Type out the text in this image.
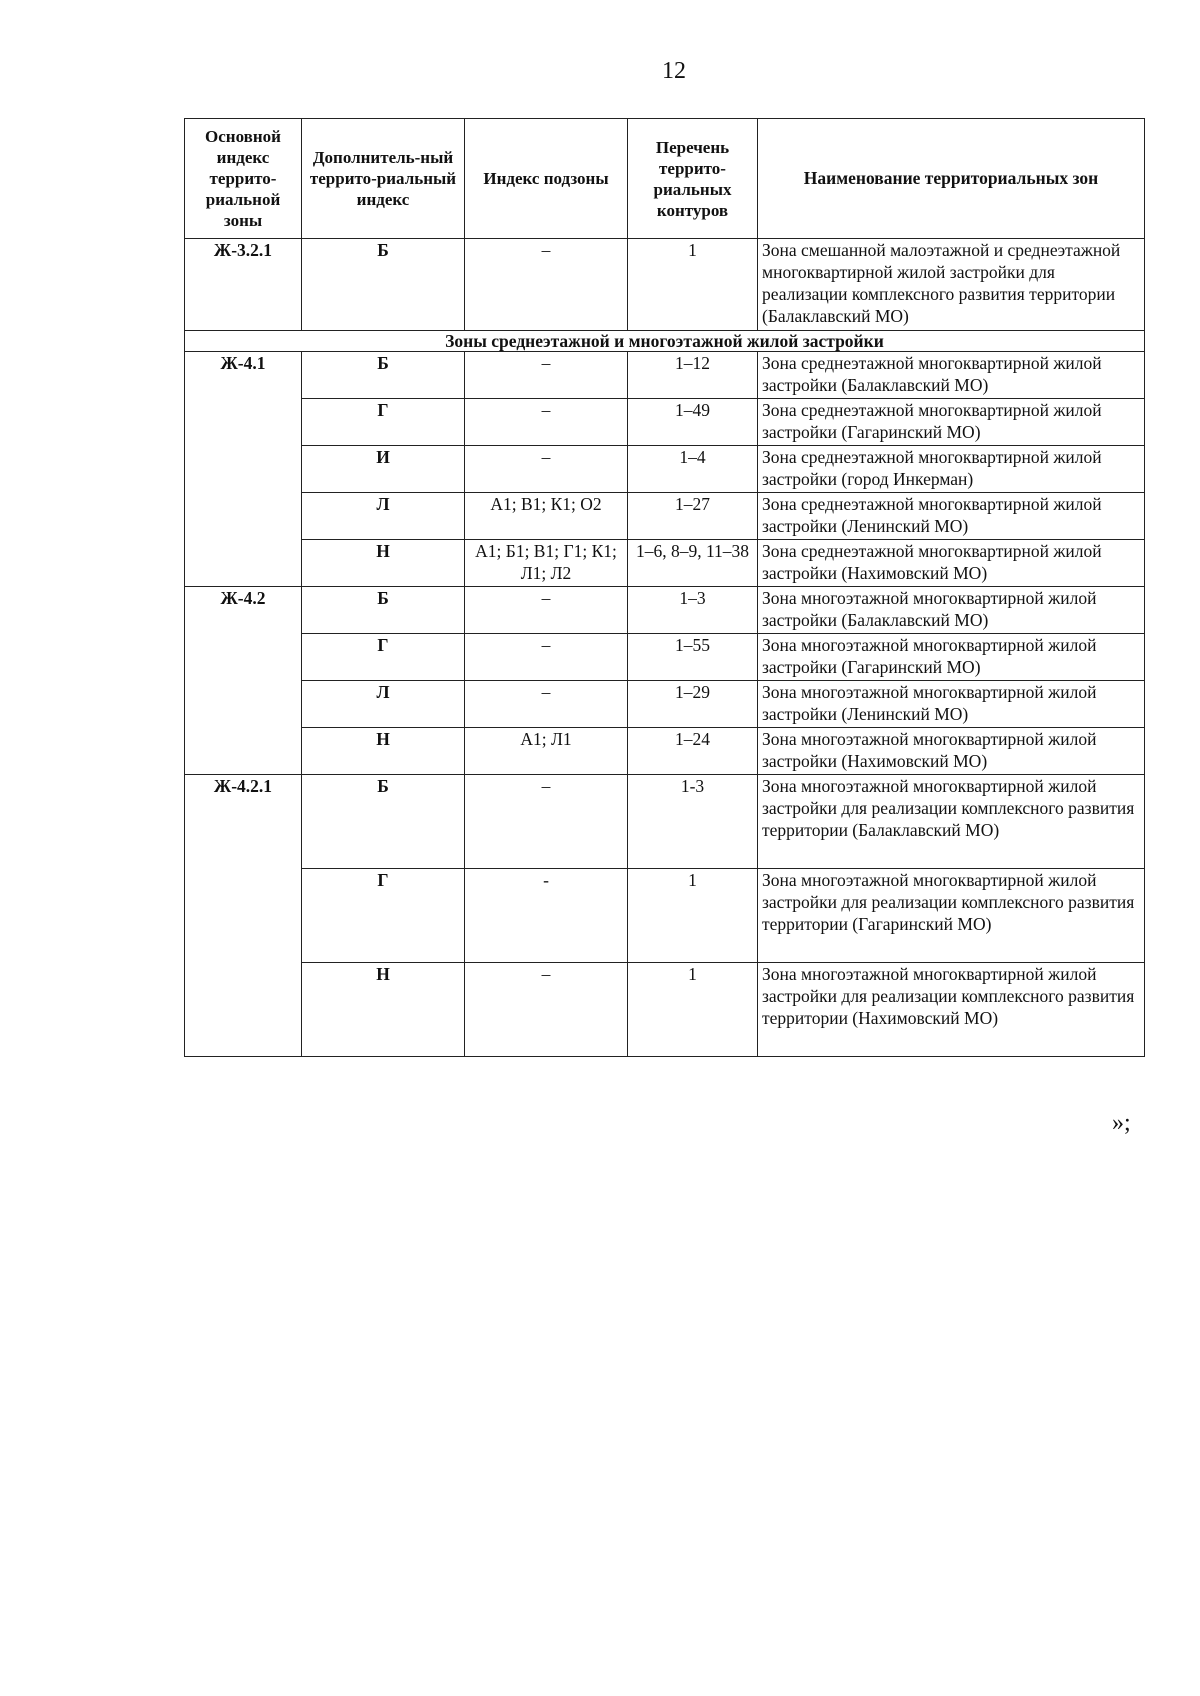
12
Основной индекс террито-риальной зоны	Дополнитель-ный террито-риальный индекс	Индекс подзоны	Перечень террито-риальных контуров	Наименование территориальных зон
Ж-3.2.1	Б	–	1	Зона смешанной малоэтажной и среднеэтажной многоквартирной жилой застройки для реализации комплексного развития территории (Балаклавский МО)
Зоны среднеэтажной и многоэтажной жилой застройки				
Ж-4.1	Б	–	1–12	Зона среднеэтажной многоквартирной жилой застройки (Балаклавский МО)
	Г	–	1–49	Зона среднеэтажной многоквартирной жилой застройки (Гагаринский МО)
	И	–	1–4	Зона среднеэтажной многоквартирной жилой застройки (город Инкерман)
	Л	А1; В1; К1; О2	1–27	Зона среднеэтажной многоквартирной жилой застройки (Ленинский МО)
	Н	А1; Б1; В1; Г1; К1; Л1; Л2	1–6, 8–9, 11–38	Зона среднеэтажной многоквартирной жилой застройки (Нахимовский МО)
Ж-4.2	Б	–	1–3	Зона многоэтажной многоквартирной жилой застройки (Балаклавский МО)
	Г	–	1–55	Зона многоэтажной многоквартирной жилой застройки (Гагаринский МО)
	Л	–	1–29	Зона многоэтажной многоквартирной жилой застройки (Ленинский МО)
	Н	А1; Л1	1–24	Зона многоэтажной многоквартирной жилой застройки (Нахимовский МО)
Ж-4.2.1	Б	–	1-3	Зона многоэтажной многоквартирной жилой застройки для реализации комплексного развития территории (Балаклавский МО)
	Г	-	1	Зона многоэтажной многоквартирной жилой застройки для реализации комплексного развития территории (Гагаринский МО)
	Н	–	1	Зона многоэтажной многоквартирной жилой застройки для реализации комплексного развития территории (Нахимовский МО)
»;
